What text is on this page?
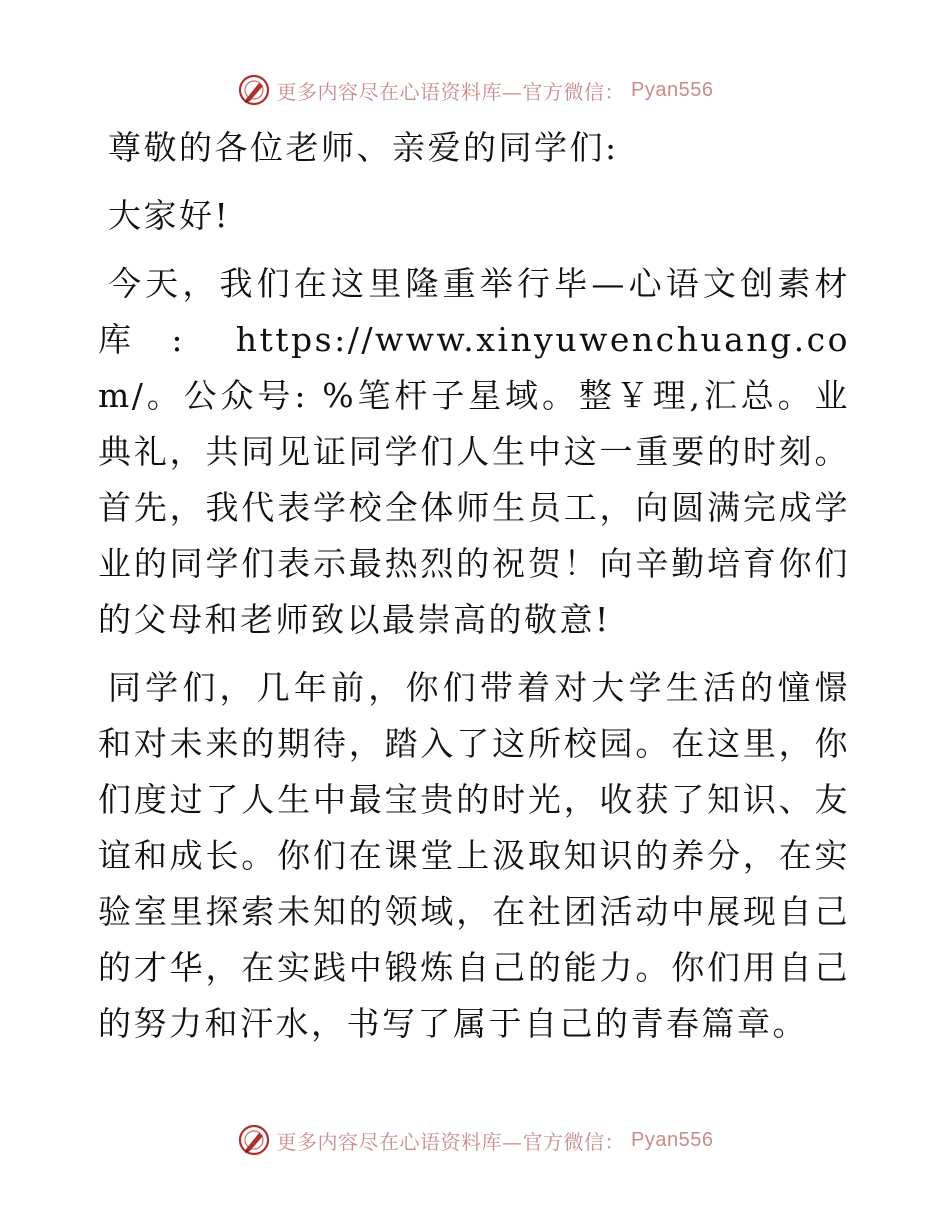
更多内容尽在心语资料库—官方微信： Pyan556

尊敬的各位老师、亲爱的同学们:

大家好!

今天，我们在这里隆重举行毕—心语文创素材库: https://www.xinyuwenchuang.com/。公众号: %笔杆子星域。整￥理,汇总。业典礼，共同见证同学们人生中这一重要的时刻。首先，我代表学校全体师生员工，向圆满完成学业的同学们表示最热烈的祝贺！向辛勤培育你们的父母和老师致以最崇高的敬意!

同学们，几年前，你们带着对大学生活的憧憬和对未来的期待，踏入了这所校园。在这里，你们度过了人生中最宝贵的时光，收获了知识、友谊和成长。你们在课堂上汲取知识的养分，在实验室里探索未知的领域，在社团活动中展现自己的才华，在实践中锻炼自己的能力。你们用自己的努力和汗水，书写了属于自己的青春篇章。

更多内容尽在心语资料库—官方微信： Pyan556
